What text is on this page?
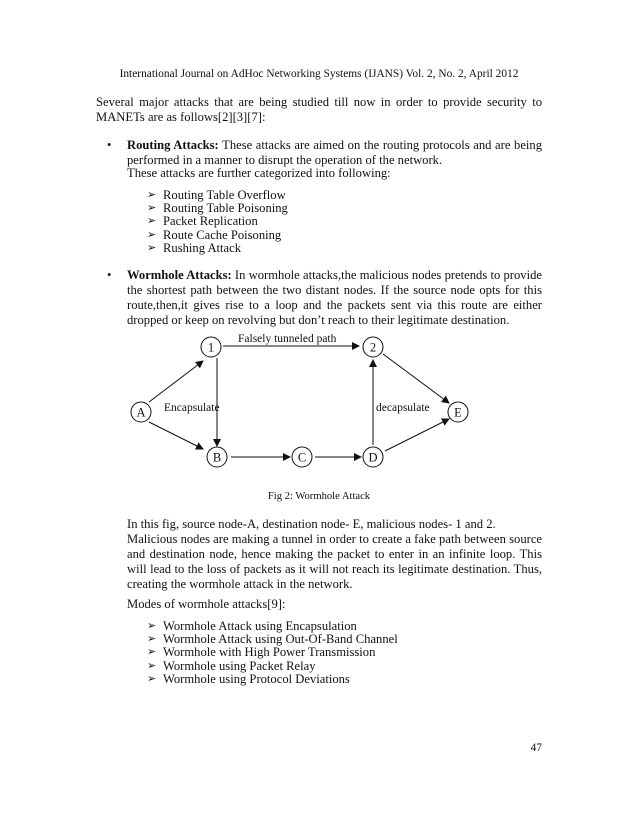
International Journal on AdHoc Networking Systems (IJANS) Vol. 2, No. 2, April 2012

Several major attacks that are being studied till now in order to provide security to MANETs are as follows[2][3][7]:

• Routing Attacks: These attacks are aimed on the routing protocols and are being performed in a manner to disrupt the operation of the network.

These attacks are further categorized into following:

➢ Routing Table Overflow
➢ Routing Table Poisoning
➢ Packet Replication
➢ Route Cache Poisoning
➢ Rushing Attack
• Wormhole Attacks: In wormhole attacks,the malicious nodes pretends to provide the shortest path between the two distant nodes. If the source node opts for this route,then,it gives rise to a loop and the packets sent via this route are either dropped or keep on revolving but don’t reach to their legitimate destination.

1	2
A
B	C	D
E
Falsely tunneled path
Encapsulate	decapsulate
Fig 2: Wormhole Attack

In this fig, source node-A, destination node- E, malicious nodes- 1 and 2.

Malicious nodes are making a tunnel in order to create a fake path between source and destination node, hence making the packet to enter in an infinite loop. This will lead to the loss of packets as it will not reach its legitimate destination. Thus, creating the wormhole attack in the network.

Modes of wormhole attacks[9]:

➢ Wormhole Attack using Encapsulation
➢ Wormhole Attack using Out-Of-Band Channel
➢ Wormhole with High Power Transmission
➢ Wormhole using Packet Relay
➢ Wormhole using Protocol Deviations
47
